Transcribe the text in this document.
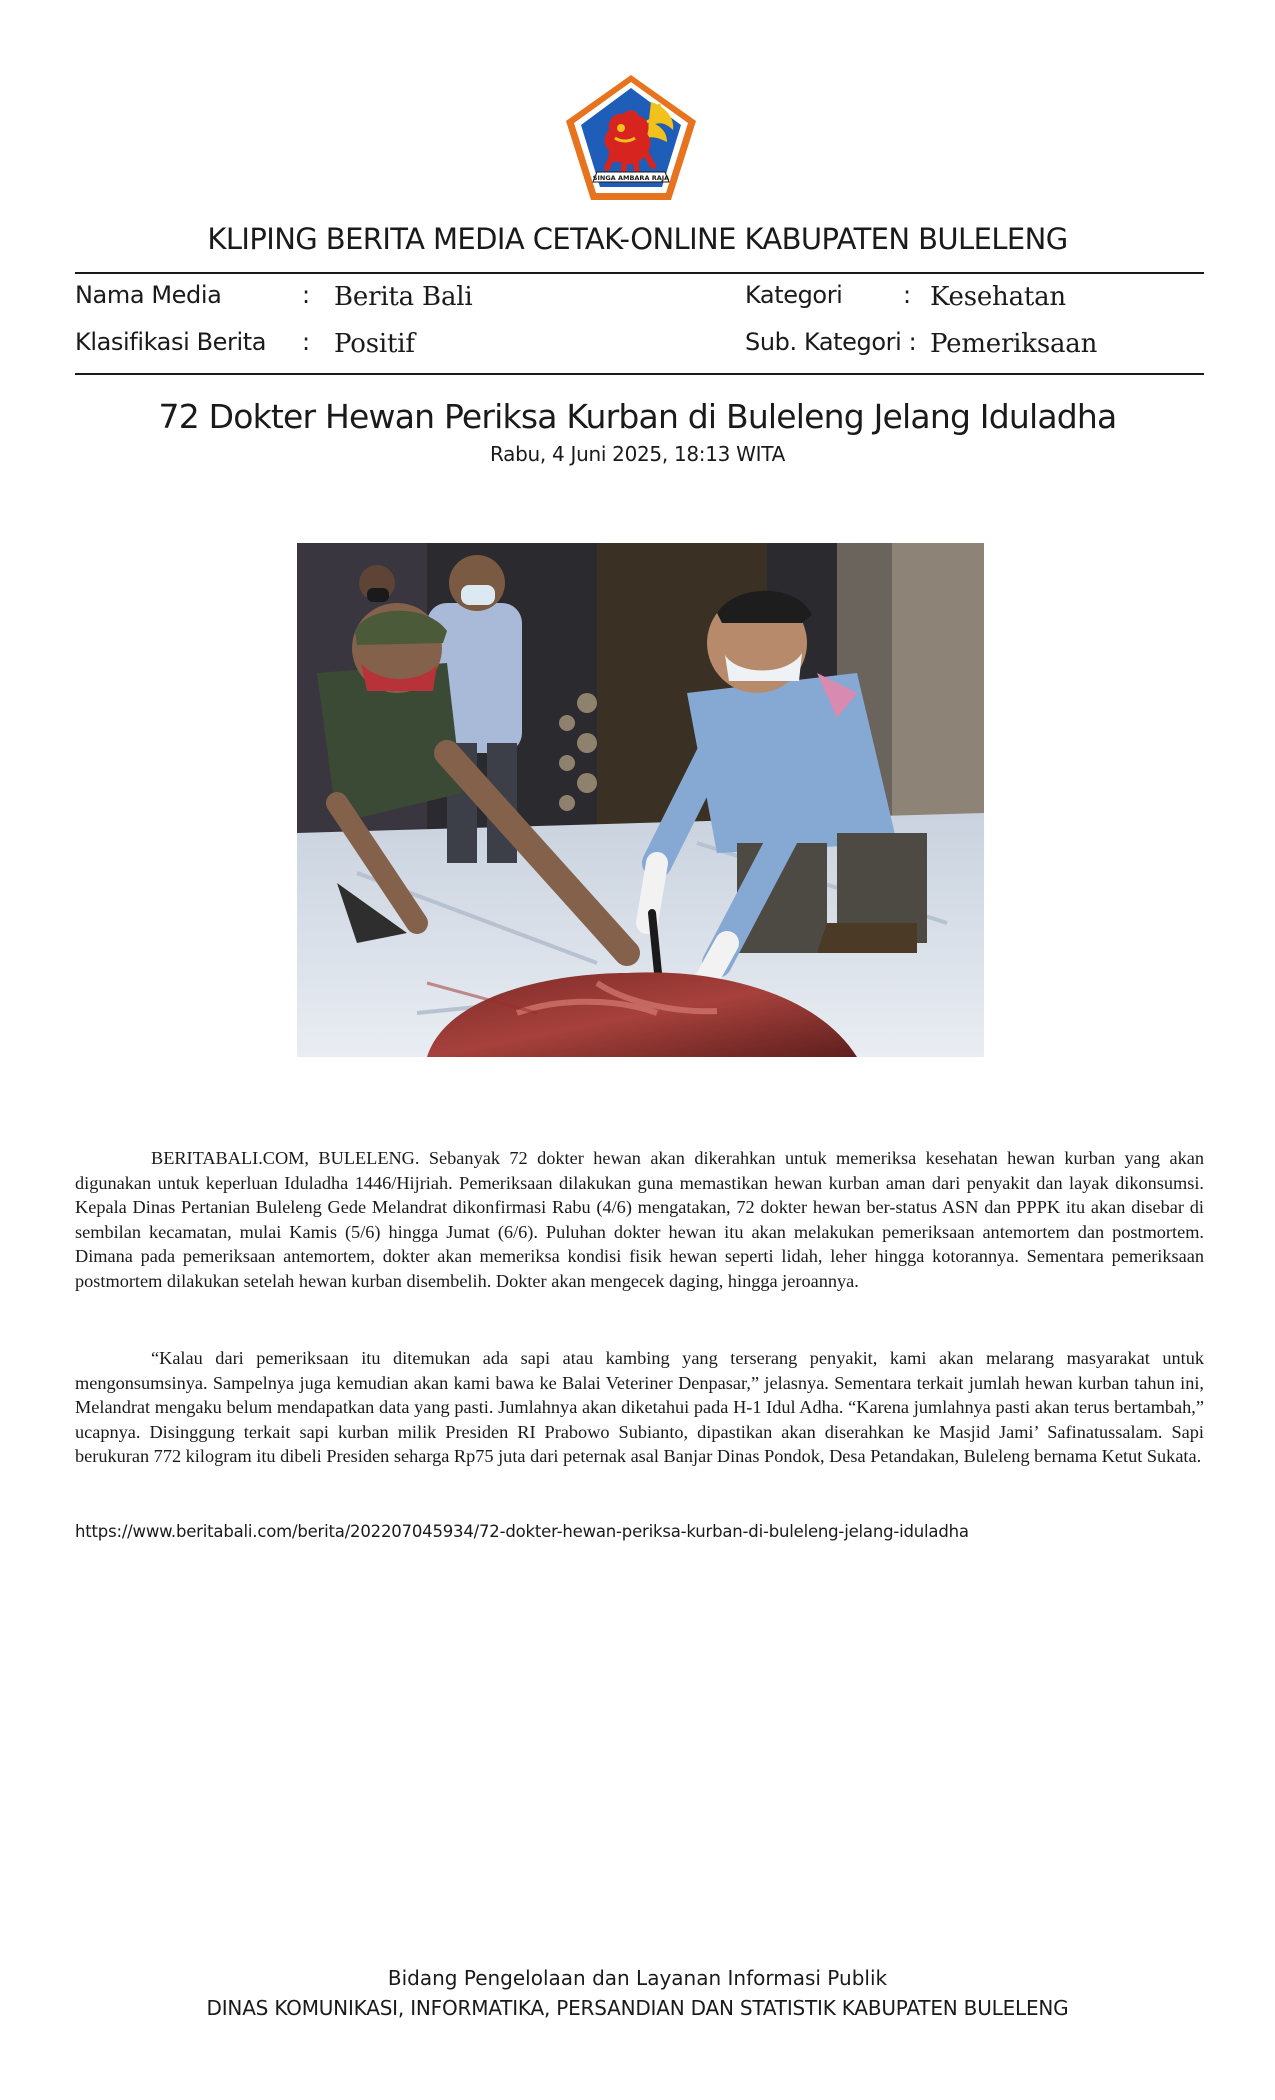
SINGA AMBARA RAJA
KLIPING BERITA MEDIA CETAK-ONLINE KABUPATEN BULELENG
Nama Media	: Berita Bali
Klasifikasi Berita : Positif
Kategori	: Kesehatan
Sub. Kategori : Pemeriksaan
72 Dokter Hewan Periksa Kurban di Buleleng Jelang Iduladha
Rabu, 4 Juni 2025, 18:13 WITA

BERITABALI.COM, BULELENG. Sebanyak 72 dokter hewan akan dikerahkan untuk memeriksa kesehatan hewan kurban yang akan digunakan untuk keperluan Iduladha 1446/Hijriah. Pemeriksaan dilakukan guna memastikan hewan kurban aman dari penyakit dan layak dikonsumsi. Kepala Dinas Pertanian Buleleng Gede Melandrat dikonfirmasi Rabu (4/6) mengatakan, 72 dokter hewan ber-status ASN dan PPPK itu akan disebar di sembilan kecamatan, mulai Kamis (5/6) hingga Jumat (6/6). Puluhan dokter hewan itu akan melakukan pemeriksaan antemortem dan postmortem. Dimana pada pemeriksaan antemortem, dokter akan memeriksa kondisi fisik hewan seperti lidah, leher hingga kotorannya. Sementara pemeriksaan postmortem dilakukan setelah hewan kurban disembelih. Dokter akan mengecek daging, hingga jeroannya.

“Kalau dari pemeriksaan itu ditemukan ada sapi atau kambing yang terserang penyakit, kami akan melarang masyarakat untuk mengonsumsinya. Sampelnya juga kemudian akan kami bawa ke Balai Veteriner Denpasar,” jelasnya. Sementara terkait jumlah hewan kurban tahun ini, Melandrat mengaku belum mendapatkan data yang pasti. Jumlahnya akan diketahui pada H-1 Idul Adha. “Karena jumlahnya pasti akan terus bertambah,” ucapnya. Disinggung terkait sapi kurban milik Presiden RI Prabowo Subianto, dipastikan akan diserahkan ke Masjid Jami’ Safinatussalam. Sapi berukuran 772 kilogram itu dibeli Presiden seharga Rp75 juta dari peternak asal Banjar Dinas Pondok, Desa Petandakan, Buleleng bernama Ketut Sukata.

https://www.beritabali.com/berita/202207045934/72-dokter-hewan-periksa-kurban-di-buleleng-jelang-iduladha
Bidang Pengelolaan dan Layanan Informasi Publik
DINAS KOMUNIKASI, INFORMATIKA, PERSANDIAN DAN STATISTIK KABUPATEN BULELENG
